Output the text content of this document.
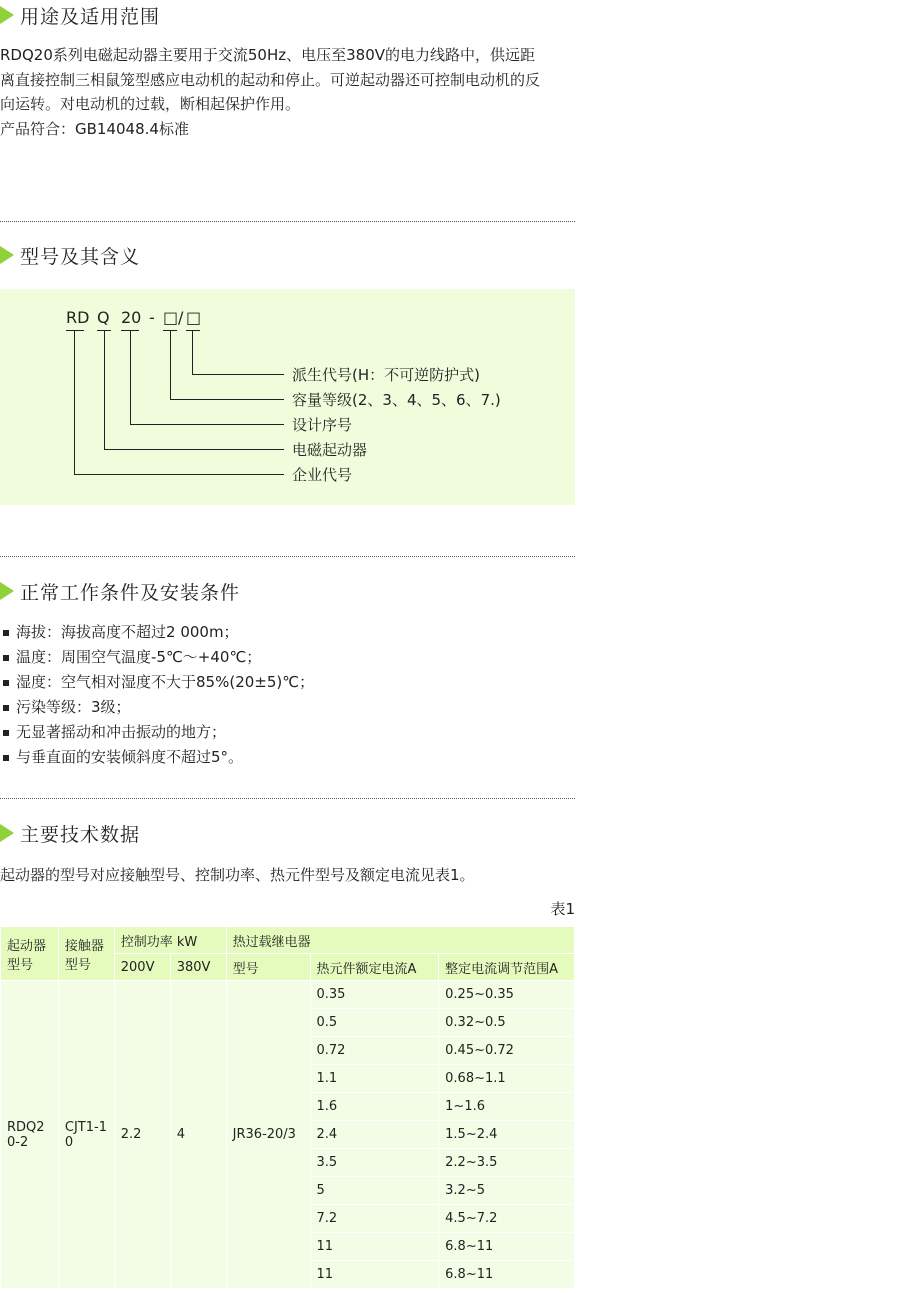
用途及适用范围
RDQ20系列电磁起动器主要用于交流50Hz、电压至380V的电力线路中，供远距
离直接控制三相鼠笼型感应电动机的起动和停止。可逆起动器还可控制电动机的反
向运转。对电动机的过载，断相起保护作用。
产品符合：GB14048.4标准
型号及其含义
RD Q 20 - □ / □
派生代号(H：不可逆防护式)
容量等级(2、3、4、5、6、7.)
设计序号
电磁起动器
企业代号
正常工作条件及安装条件
海拔：海拔高度不超过2 000m；
温度：周围空气温度-5℃～+40℃；
湿度：空气相对湿度不大于85%(20±5)℃；
污染等级：3级；
无显著摇动和冲击振动的地方；
与垂直面的安装倾斜度不超过5°。
主要技术数据
起动器的型号对应接触型号、控制功率、热元件型号及额定电流见表1。
表1
起动器型号	接触器型号	控制功率 kW		热过载继电器		
		200V	380V	型号	热元件额定电流A	整定电流调节范围A
RDQ20-2	CJT1-10	2.2	4	JR36-20/3	0.35	0.25~0.35
					0.5	0.32~0.5
					0.72	0.45~0.72
					1.1	0.68~1.1
					1.6	1~1.6
					2.4	1.5~2.4
					3.5	2.2~3.5
					5	3.2~5
					7.2	4.5~7.2
					11	6.8~11
					11	6.8~11
